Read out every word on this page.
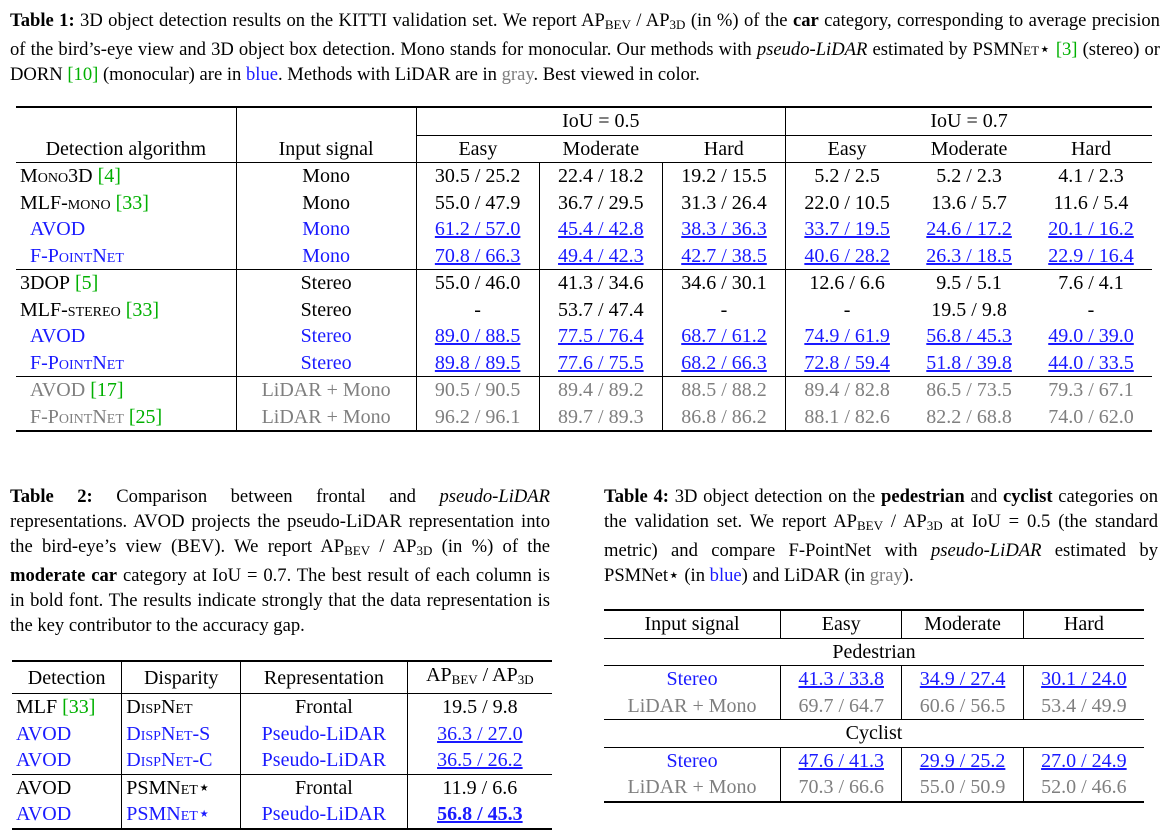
Table 1: 3D object detection results on the KITTI validation set. We report $AP_{BEV} / AP_{3D}$ (in %) of the car category, corresponding to average precision of the bird’s-eye view and 3D object box detection. Mono stands for monocular. Our methods with pseudo-LiDAR estimated by PSMNet⋆ [3] (stereo) or DORN [10] (monocular) are in blue. Methods with LiDAR are in gray. Best viewed in color.
		IoU = 0.5			IoU = 0.7		
Detection algorithm	Input signal	Easy	Moderate	Hard	Easy	Moderate	Hard
Mono3D [4]	Mono	30.5 / 25.2	22.4 / 18.2	19.2 / 15.5	5.2 / 2.5	5.2 / 2.3	4.1 / 2.3
MLF-mono [33]	Mono	55.0 / 47.9	36.7 / 29.5	31.3 / 26.4	22.0 / 10.5	13.6 / 5.7	11.6 / 5.4
AVOD	Mono	61.2 / 57.0	45.4 / 42.8	38.3 / 36.3	33.7 / 19.5	24.6 / 17.2	20.1 / 16.2
F-PointNet	Mono	70.8 / 66.3	49.4 / 42.3	42.7 / 38.5	40.6 / 28.2	26.3 / 18.5	22.9 / 16.4
3DOP [5]	Stereo	55.0 / 46.0	41.3 / 34.6	34.6 / 30.1	12.6 / 6.6	9.5 / 5.1	7.6 / 4.1
MLF-stereo [33]	Stereo	-	53.7 / 47.4	-	-	19.5 / 9.8	-
AVOD	Stereo	89.0 / 88.5	77.5 / 76.4	68.7 / 61.2	74.9 / 61.9	56.8 / 45.3	49.0 / 39.0
F-PointNet	Stereo	89.8 / 89.5	77.6 / 75.5	68.2 / 66.3	72.8 / 59.4	51.8 / 39.8	44.0 / 33.5
AVOD [17]	LiDAR + Mono	90.5 / 90.5	89.4 / 89.2	88.5 / 88.2	89.4 / 82.8	86.5 / 73.5	79.3 / 67.1
F-PointNet [25]	LiDAR + Mono	96.2 / 96.1	89.7 / 89.3	86.8 / 86.2	88.1 / 82.6	82.2 / 68.8	74.0 / 62.0
Table 2: Comparison between frontal and pseudo-LiDAR representations. AVOD projects the pseudo-LiDAR representation into the bird-eye’s view (BEV). We report $AP_{BEV} / AP_{3D}$ (in %) of the moderate car category at IoU = 0.7. The best result of each column is in bold font. The results indicate strongly that the data representation is the key contributor to the accuracy gap.
Detection	Disparity	Representation	$AP_{BEV} / AP_{3D}$
MLF [33]	DispNet	Frontal	19.5 / 9.8
AVOD	DispNet-S	Pseudo-LiDAR	36.3 / 27.0
AVOD	DispNet-C	Pseudo-LiDAR	36.5 / 26.2
AVOD	PSMNet⋆	Frontal	11.9 / 6.6
AVOD	PSMNet⋆	Pseudo-LiDAR	56.8 / 45.3
Table 4: 3D object detection on the pedestrian and cyclist categories on the validation set. We report $AP_{BEV} / AP_{3D}$ at IoU = 0.5 (the standard metric) and compare F-PointNet with pseudo-LiDAR estimated by PSMNet⋆ (in blue) and LiDAR (in gray).
Input signal	Easy	Moderate	Hard
Pedestrian			
Stereo	41.3 / 33.8	34.9 / 27.4	30.1 / 24.0
LiDAR + Mono	69.7 / 64.7	60.6 / 56.5	53.4 / 49.9
Cyclist			
Stereo	47.6 / 41.3	29.9 / 25.2	27.0 / 24.9
LiDAR + Mono	70.3 / 66.6	55.0 / 50.9	52.0 / 46.6
